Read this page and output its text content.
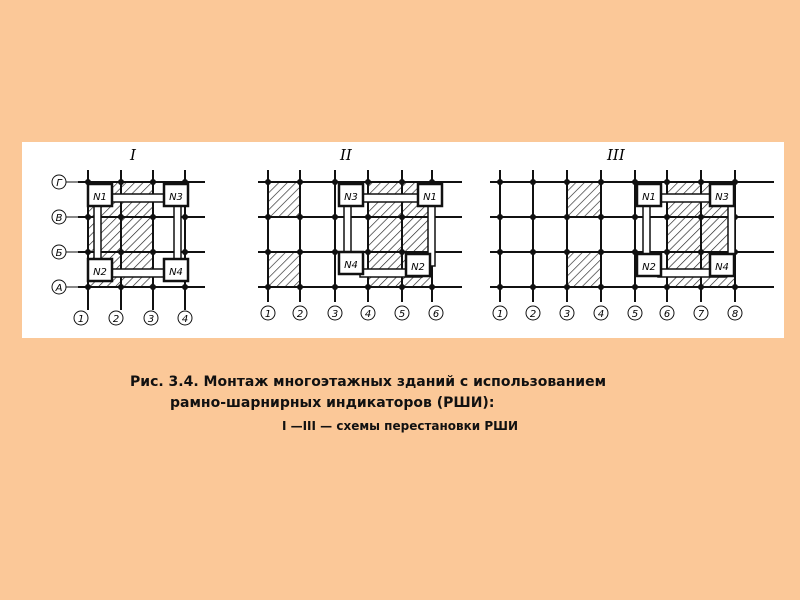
I
N1	N3
N2	N4
Г
В
Б
А
1	2	3	4
II
N3	N1
N4	N2
1	2	3	4	5	6
III
N1	N3
N2	N4
1	2	3	4	5	6	7	8
Рис. 3.4. Монтаж многоэтажных зданий с использованием
рамно-шарнирных индикаторов (РШИ):
I —III — схемы перестановки РШИ
